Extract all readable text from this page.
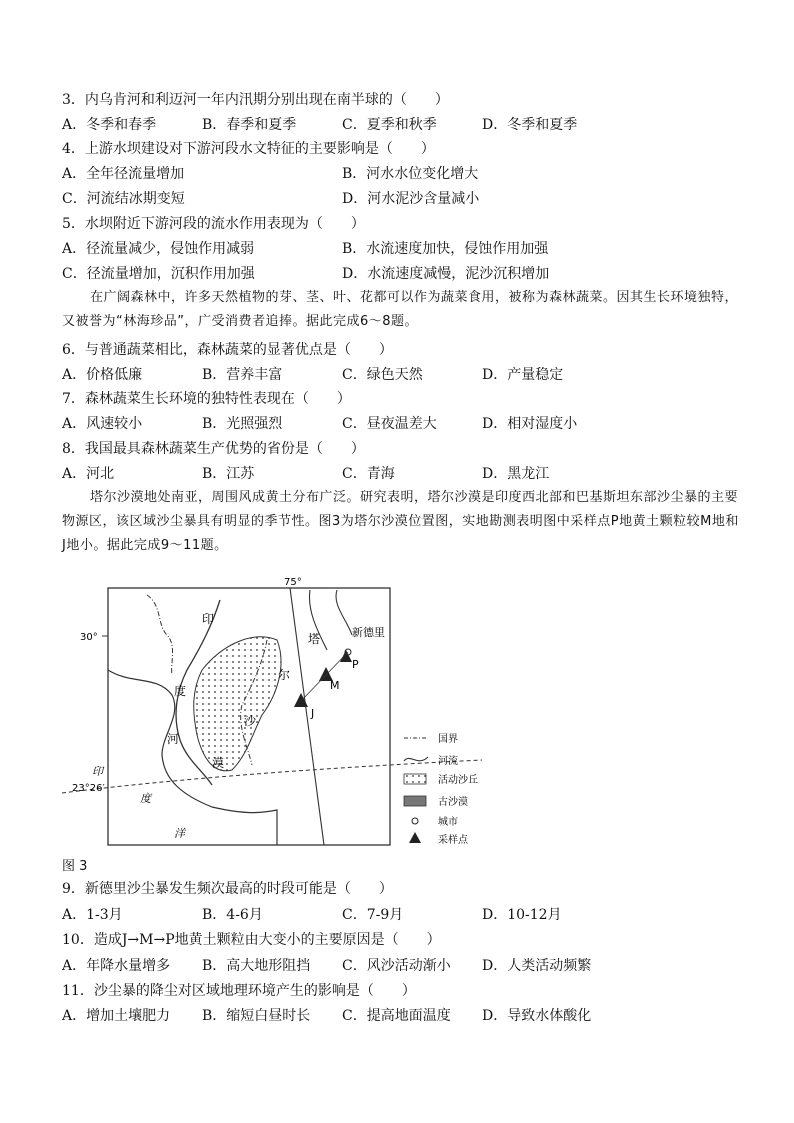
3．内乌肯河和利迈河一年内汛期分别出现在南半球的（　　）
A．冬季和春季	B．春季和夏季	C．夏季和秋季	D．冬季和夏季
4．上游水坝建设对下游河段水文特征的主要影响是（　　）
A．全年径流量增加	B．河水水位变化增大
C．河流结冰期变短	D．河水泥沙含量减小
5．水坝附近下游河段的流水作用表现为（　　）
A．径流量减少，侵蚀作用减弱	B．水流速度加快，侵蚀作用加强
C．径流量增加，沉积作用加强	D．水流速度减慢，泥沙沉积增加
在广阔森林中，许多天然植物的芽、茎、叶、花都可以作为蔬菜食用，被称为森林蔬菜。因其生长环境独特，又被誉为“林海珍品”，广受消费者追捧。据此完成6～8题。
6．与普通蔬菜相比，森林蔬菜的显著优点是（　　）
A．价格低廉	B．营养丰富	C．绿色天然	D．产量稳定
7．森林蔬菜生长环境的独特性表现在（　　）
A．风速较小	B．光照强烈	C．昼夜温差大	D．相对湿度小
8．我国最具森林蔬菜生产优势的省份是（　　）
A．河北	B．江苏	C．青海	D．黑龙江
塔尔沙漠地处南亚，周围风成黄土分布广泛。研究表明，塔尔沙漠是印度西北部和巴基斯坦东部沙尘暴的主要物源区，该区域沙尘暴具有明显的季节性。图3为塔尔沙漠位置图，实地勘测表明图中采样点P地黄土颗粒较M地和J地小。据此完成9～11题。
75°
30°
23°26′
印
度
河
塔
尔
沙
漠
印
度
洋
新德里
P
M
J
国界
河流
活动沙丘
古沙漠
城市
采样点
图 3
9．新德里沙尘暴发生频次最高的时段可能是（　　）
A．1-3月	B．4-6月	C．7-9月	D．10-12月
10．造成J→M→P地黄土颗粒由大变小的主要原因是（　　）
A．年降水量增多 B．高大地形阻挡 C．风沙活动渐小 D．人类活动频繁
11．沙尘暴的降尘对区域地理环境产生的影响是（　　）
A．增加土壤肥力 B．缩短白昼时长 C．提高地面温度 D．导致水体酸化
